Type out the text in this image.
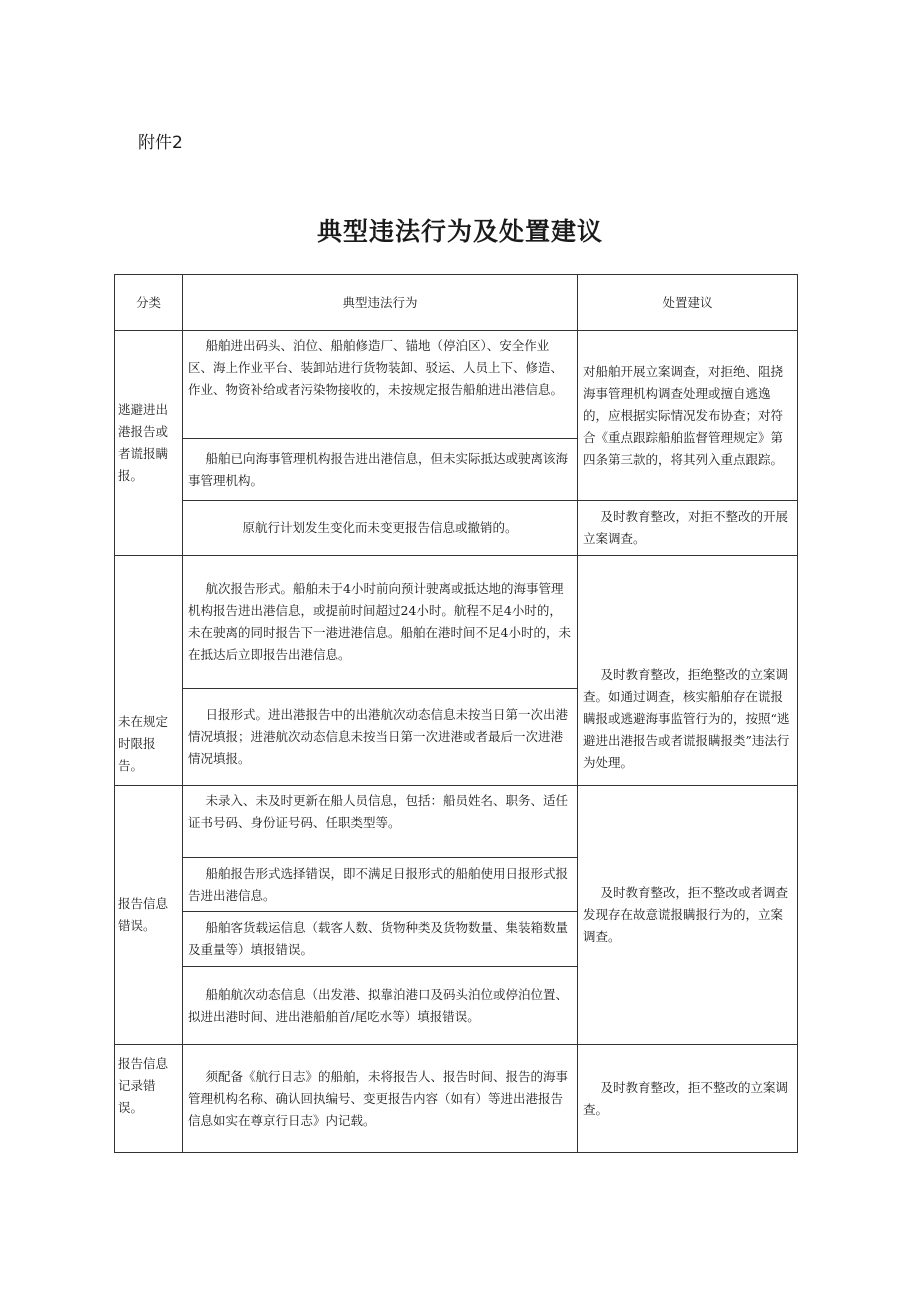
附件2
典型违法行为及处置建议
分类	典型违法行为	处置建议
逃避进出港报告或者谎报瞒报。
船舶进出码头、泊位、船舶修造厂、锚地（停泊区）、安全作业区、海上作业平台、装卸站进行货物装卸、驳运、人员上下、修造、作业、物资补给或者污染物接收的，未按规定报告船舶进出港信息。
船舶已向海事管理机构报告进出港信息，但未实际抵达或驶离该海事管理机构。
原航行计划发生变化而未变更报告信息或撤销的。
对船舶开展立案调查，对拒绝、阻挠海事管理机构调查处理或擅自逃逸的，应根据实际情况发布协查；对符合《重点跟踪船舶监督管理规定》第四条第三款的，将其列入重点跟踪。
及时教育整改，对拒不整改的开展立案调查。
未在规定时限报告。
航次报告形式。船舶未于4小时前向预计驶离或抵达地的海事管理机构报告进出港信息，或提前时间超过24小时。航程不足4小时的，未在驶离的同时报告下一港进港信息。船舶在港时间不足4小时的，未在抵达后立即报告出港信息。
日报形式。进出港报告中的出港航次动态信息未按当日第一次出港情况填报；进港航次动态信息未按当日第一次进港或者最后一次进港情况填报。
及时教育整改，拒绝整改的立案调查。如通过调查，核实船舶存在谎报瞒报或逃避海事监管行为的，按照“逃避进出港报告或者谎报瞒报类”违法行为处理。
报告信息错误。
未录入、未及时更新在船人员信息，包括：船员姓名、职务、适任证书号码、身份证号码、任职类型等。
船舶报告形式选择错误，即不满足日报形式的船舶使用日报形式报告进出港信息。
船舶客货载运信息（载客人数、货物种类及货物数量、集装箱数量及重量等）填报错误。
船舶航次动态信息（出发港、拟靠泊港口及码头泊位或停泊位置、拟进出港时间、进出港船舶首/尾吃水等）填报错误。
及时教育整改，拒不整改或者调查发现存在故意谎报瞒报行为的，立案调查。
报告信息记录错误。
须配备《航行日志》的船舶，未将报告人、报告时间、报告的海事管理机构名称、确认回执编号、变更报告内容（如有）等进出港报告信息如实在尊京行日志》内记载。
及时教育整改，拒不整改的立案调查。
